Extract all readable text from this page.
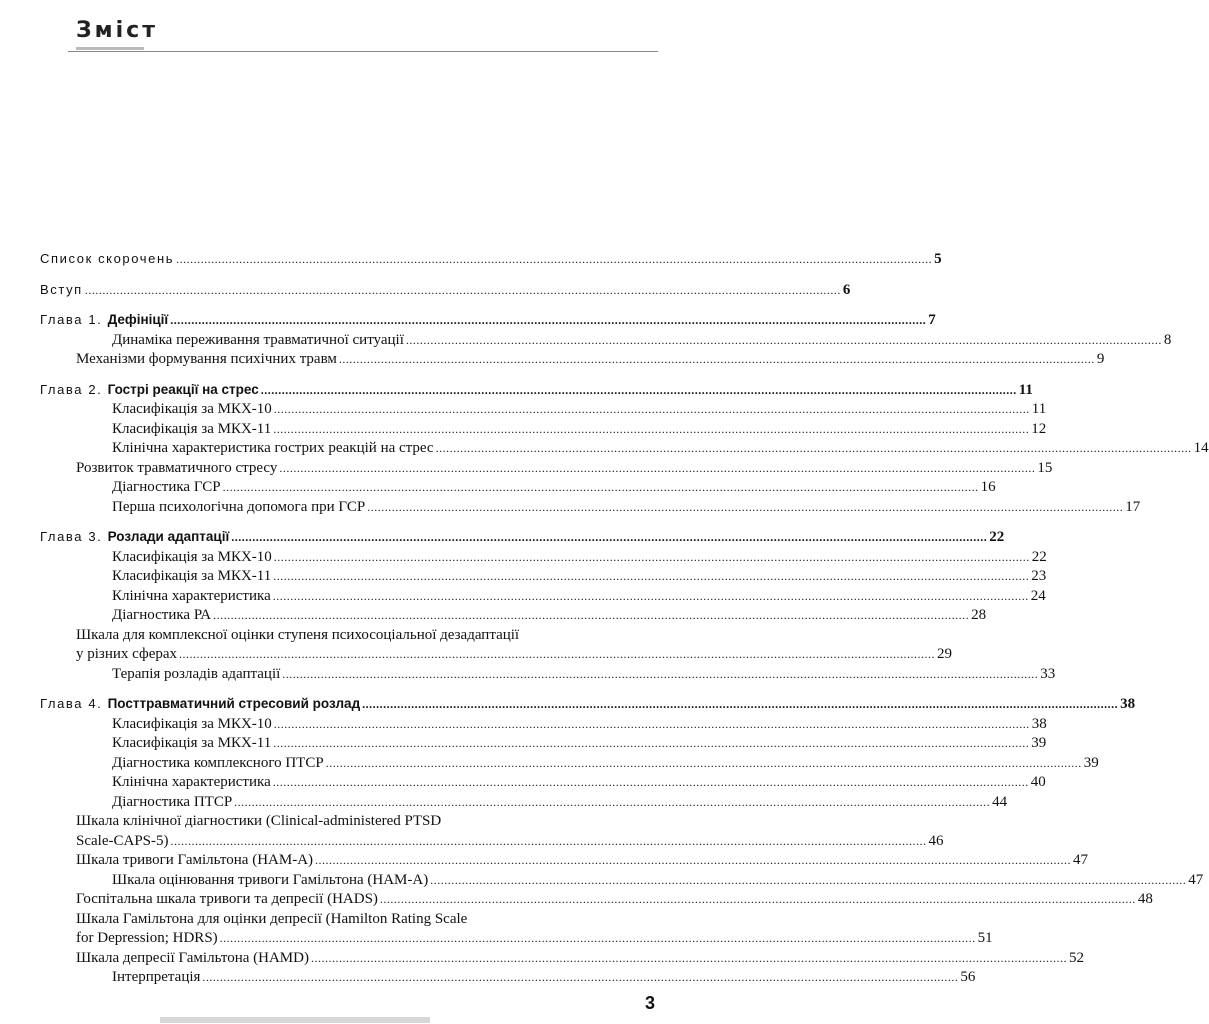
Зміст
Список скорочень .....	5
Вступ .....	6
Глава 1. Дефініції .....	7
Динаміка переживання травматичної ситуації .....	8
Механізми формування психічних травм .....	9
Глава 2. Гострі реакції на стрес .....	11
Класифікація за МКХ-10 .....	11
Класифікація за МКХ-11 .....	12
Клінічна характеристика гострих реакцій на стрес .....	14
Розвиток травматичного стресу .....	15
Діагностика ГСР .....	16
Перша психологічна допомога при ГСР .....	17
Глава 3. Розлади адаптації .....	22
Класифікація за МКХ-10 .....	22
Класифікація за МКХ-11 .....	23
Клінічна характеристика .....	24
Діагностика РА .....	28
Шкала для комплексної оцінки ступеня психосоціальної дезадаптації
у різних сферах .....	29
Терапія розладів адаптації .....	33
Глава 4. Посттравматичний стресовий розлад .....	38
Класифікація за МКХ-10 .....	38
Класифікація за МКХ-11 .....	39
Діагностика комплексного ПТСР .....	39
Клінічна характеристика .....	40
Діагностика ПТСР .....	44
Шкала клінічної діагностики (Clinical-administered PTSD
Scale-CAPS-5) .....	46
Шкала тривоги Гамільтона (НАМ-А) .....	47
Шкала оцінювання тривоги Гамільтона (НАМ-А) .....	47
Госпітальна шкала тривоги та депресії (HADS) .....	48
Шкала Гамільтона для оцінки депресії (Hamilton Rating Scale
for Depression; HDRS) .....	51
Шкала депресії Гамільтона (HAMD) .....	52
Інтерпретація .....	56
3
